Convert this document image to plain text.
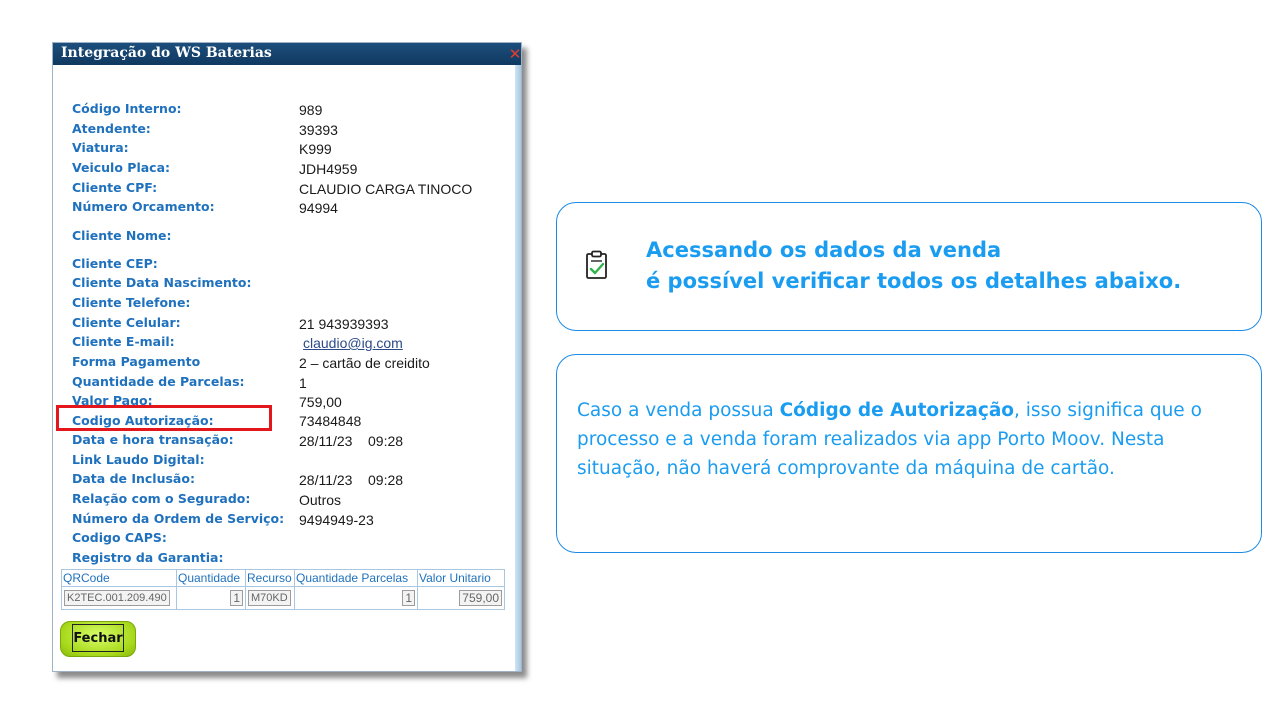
Integração do WS Baterias	✕
Código Interno:	989
Atendente:	39393
Viatura:	K999
Veiculo Placa:	JDH4959
Cliente CPF:	CLAUDIO CARGA TINOCO
Número Orcamento:	94994
Cliente Nome:
Cliente CEP:
Cliente Data Nascimento:
Cliente Telefone:
Cliente Celular:	21 943939393
Cliente E-mail:	claudio@ig.com
Forma Pagamento	2 – cartão de creidito
Quantidade de Parcelas:	1
Valor Pago:	759,00
Codigo Autorização:	73484848
Data e hora transação:	28/11/23    09:28
Link Laudo Digital:
Data de Inclusão:	28/11/23    09:28
Relação com o Segurado:	Outros
Número da Ordem de Serviço: 9494949-23
Codigo CAPS:
Registro da Garantia:
QRCode	Quantidade	Recurso	Quantidade Parcelas	Valor Unitario
K2TEC.001.209.490	1	M70KD	1	759,00
Fechar
Acessando os dados da venda
é possível verificar todos os detalhes abaixo.
Caso a venda possua Código de Autorização, isso significa que o processo e a venda foram realizados via app Porto Moov. Nesta situação, não haverá comprovante da máquina de cartão.
